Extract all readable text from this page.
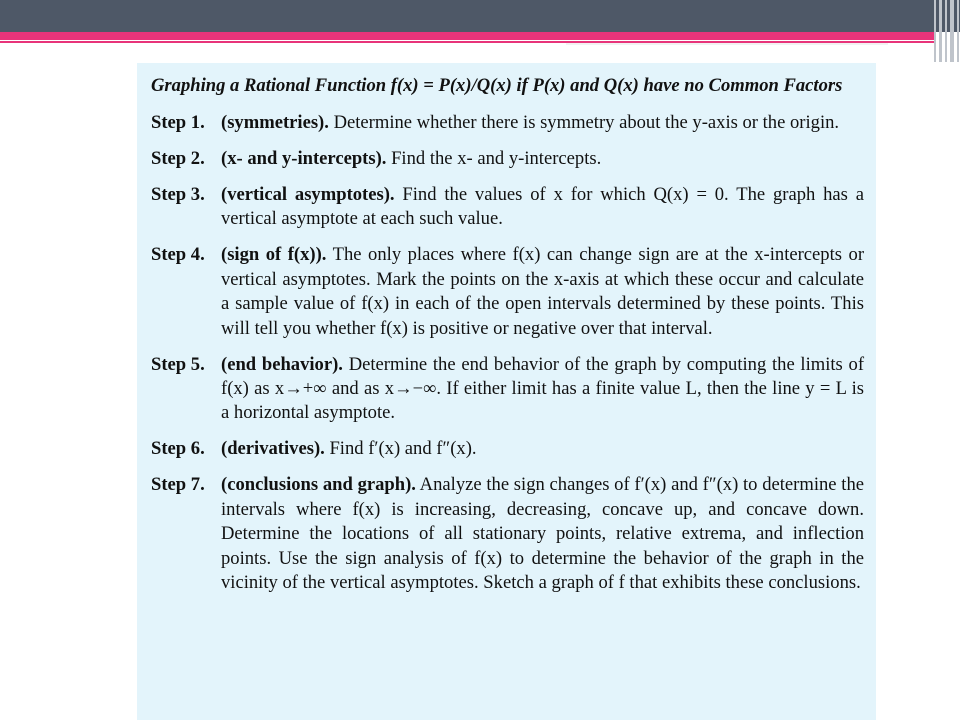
Graphing a Rational Function f(x) = P(x)/Q(x) if P(x) and Q(x) have no Common Factors
Step 1. (symmetries). Determine whether there is symmetry about the y-axis or the origin.
Step 2. (x- and y-intercepts). Find the x- and y-intercepts.
Step 3. (vertical asymptotes). Find the values of x for which Q(x) = 0. The graph has a vertical asymptote at each such value.
Step 4. (sign of f(x)). The only places where f(x) can change sign are at the x-intercepts or vertical asymptotes. Mark the points on the x-axis at which these occur and calculate a sample value of f(x) in each of the open intervals determined by these points. This will tell you whether f(x) is positive or negative over that interval.
Step 5. (end behavior). Determine the end behavior of the graph by computing the limits of f(x) as x→+∞ and as x→−∞. If either limit has a finite value L, then the line y = L is a horizontal asymptote.
Step 6. (derivatives). Find f′(x) and f″(x).
Step 7. (conclusions and graph). Analyze the sign changes of f′(x) and f″(x) to determine the intervals where f(x) is increasing, decreasing, concave up, and concave down. Determine the locations of all stationary points, relative extrema, and inflection points. Use the sign analysis of f(x) to determine the behavior of the graph in the vicinity of the vertical asymptotes. Sketch a graph of f that exhibits these conclusions.
